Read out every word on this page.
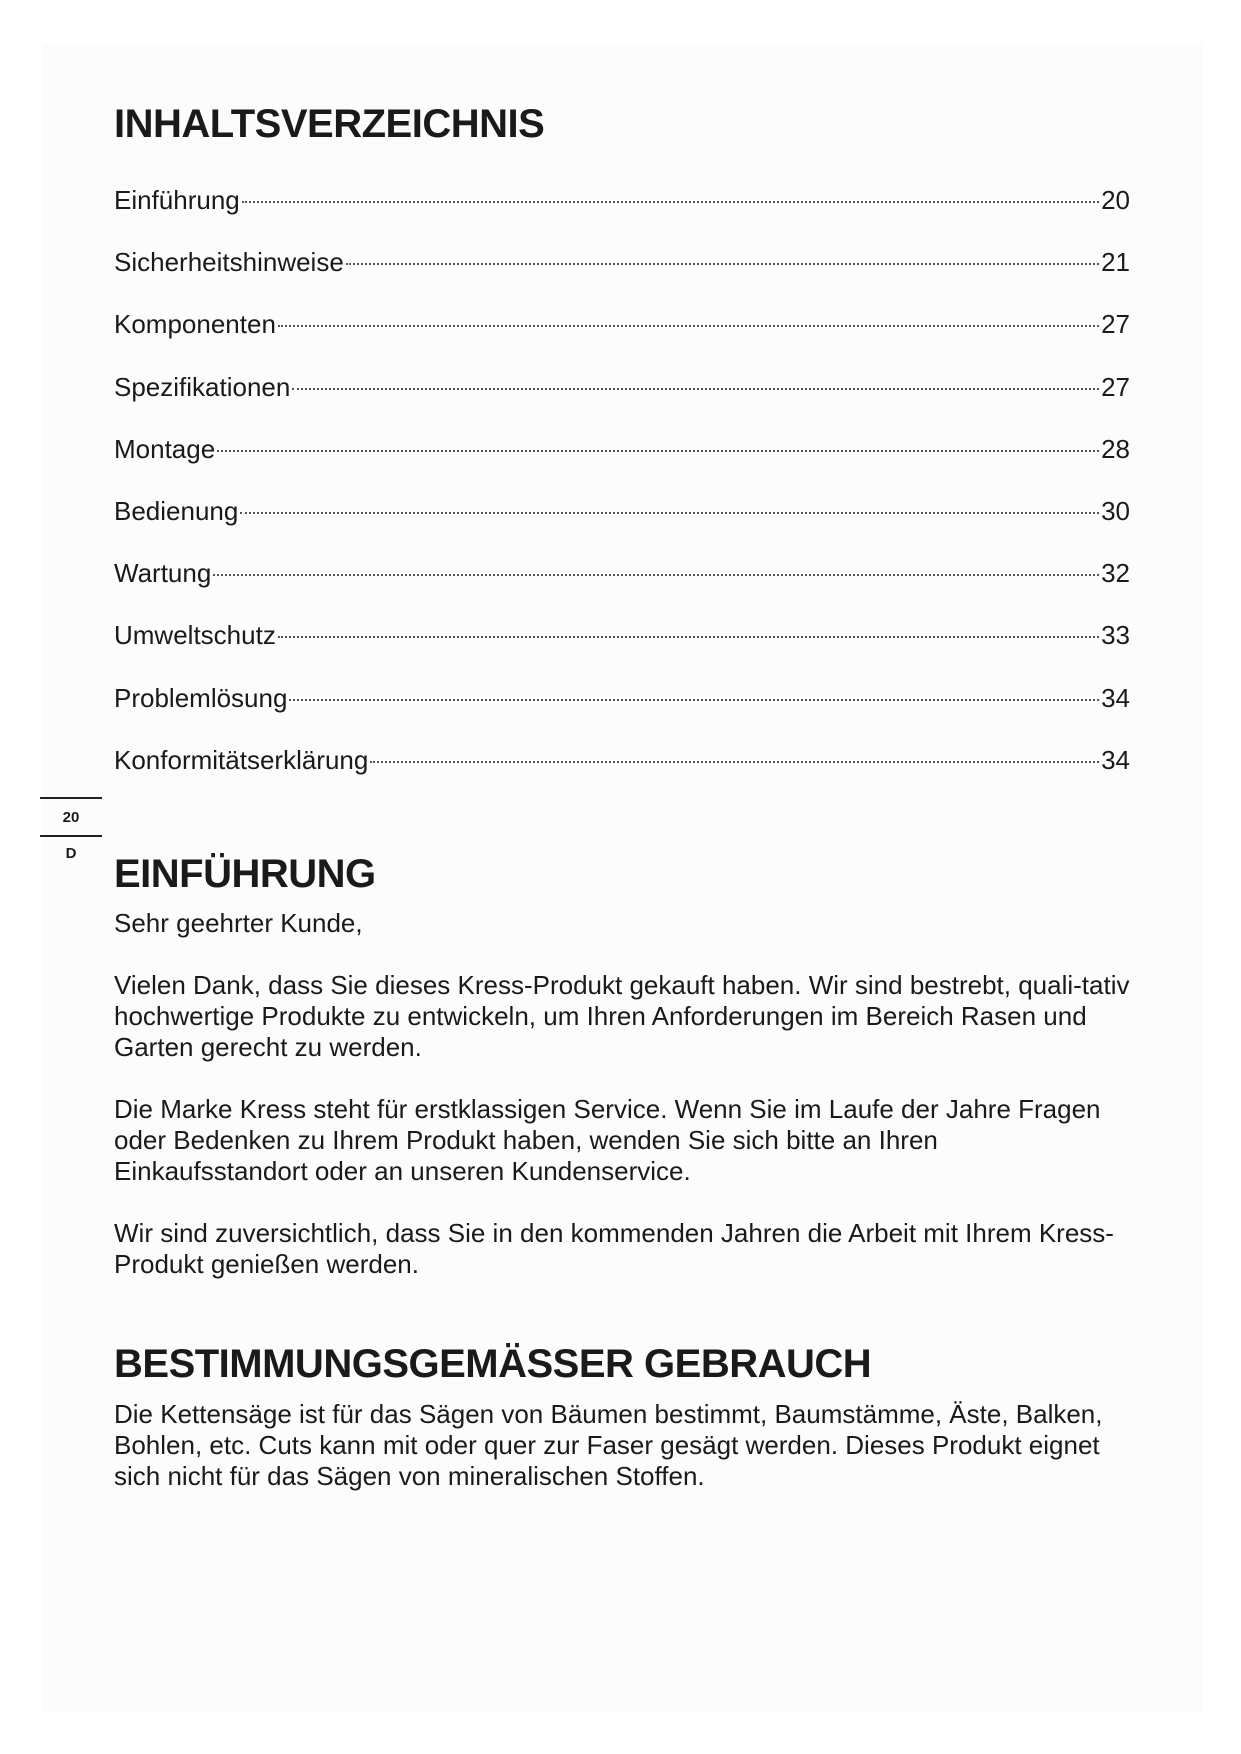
20
D
INHALTSVERZEICHNIS
Einführung	20
Sicherheitshinweise	21
Komponenten	27
Spezifikationen	27
Montage	28
Bedienung	30
Wartung	32
Umweltschutz	33
Problemlösung	34
Konformitätserklärung	34
EINFÜHRUNG

Sehr geehrter Kunde,

Vielen Dank, dass Sie dieses Kress-Produkt gekauft haben. Wir sind bestrebt, quali-tativ hochwertige Produkte zu entwickeln, um Ihren Anforderungen im Bereich Rasen und Garten gerecht zu werden.

Die Marke Kress steht für erstklassigen Service. Wenn Sie im Laufe der Jahre Fragen oder Bedenken zu Ihrem Produkt haben, wenden Sie sich bitte an Ihren Einkaufsstandort oder an unseren Kundenservice.

Wir sind zuversichtlich, dass Sie in den kommenden Jahren die Arbeit mit Ihrem Kress-Produkt genießen werden.

BESTIMMUNGSGEMÄSSER GEBRAUCH

Die Kettensäge ist für das Sägen von Bäumen bestimmt, Baumstämme, Äste, Balken, Bohlen, etc. Cuts kann mit oder quer zur Faser gesägt werden. Dieses Produkt eignet sich nicht für das Sägen von mineralischen Stoffen.
